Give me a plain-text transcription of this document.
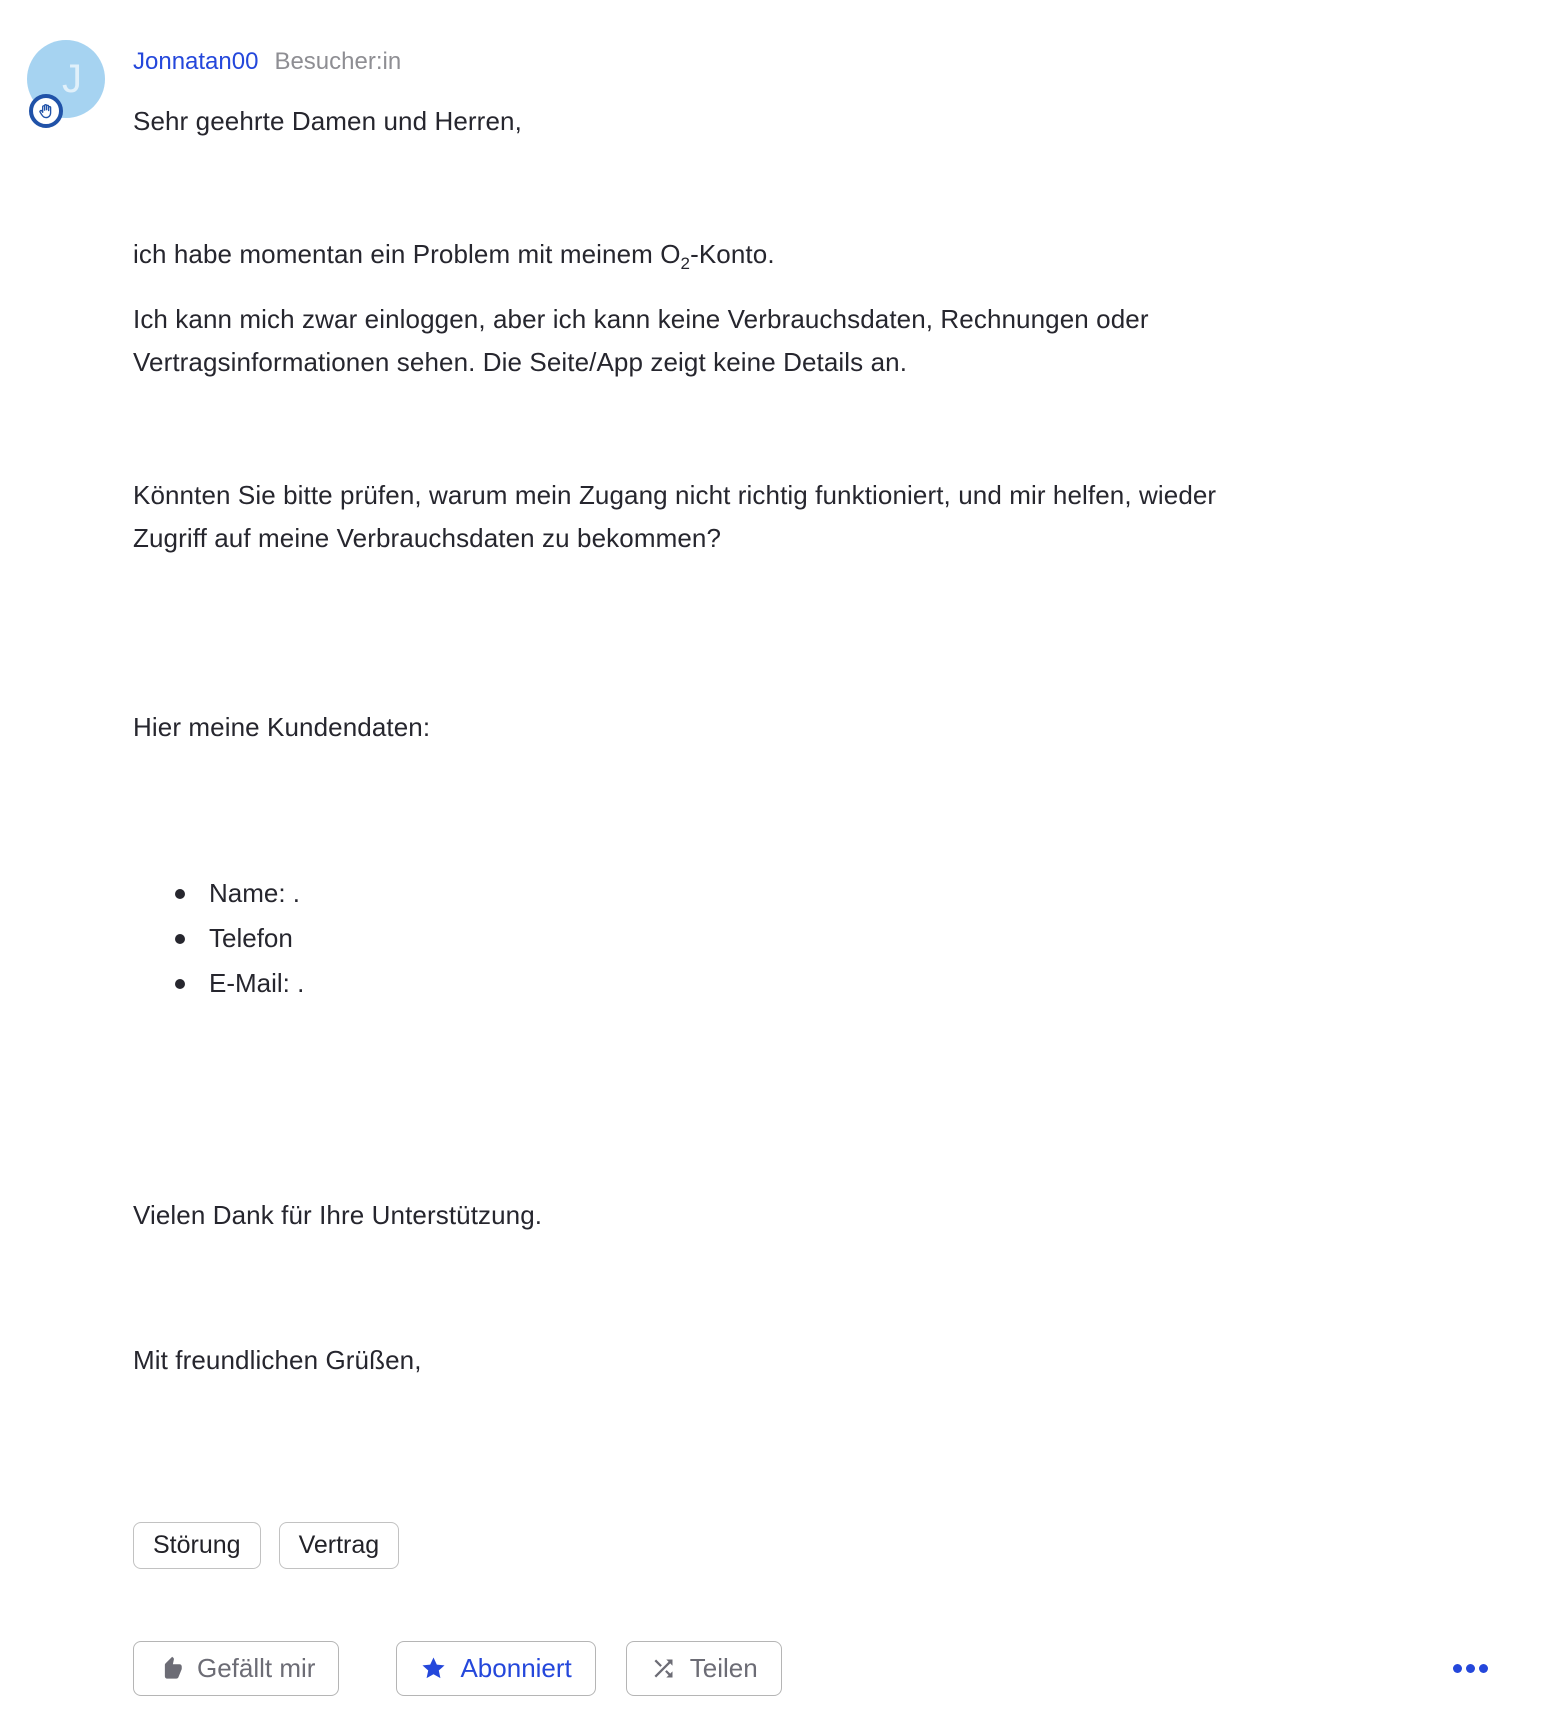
J Jonnatan00 Besucher:in
Sehr geehrte Damen und Herren,
ich habe momentan ein Problem mit meinem $O_2$-Konto.
Ich kann mich zwar einloggen, aber ich kann keine Verbrauchsdaten, Rechnungen oder
Vertragsinformationen sehen. Die Seite/App zeigt keine Details an.
Könnten Sie bitte prüfen, warum mein Zugang nicht richtig funktioniert, und mir helfen, wieder
Zugriff auf meine Verbrauchsdaten zu bekommen?
Hier meine Kundendaten:
Name: .
Telefon
E-Mail: .
Vielen Dank für Ihre Unterstützung.
Mit freundlichen Grüßen,
Störung	Vertrag
Gefällt mir	Abonniert	Teilen
